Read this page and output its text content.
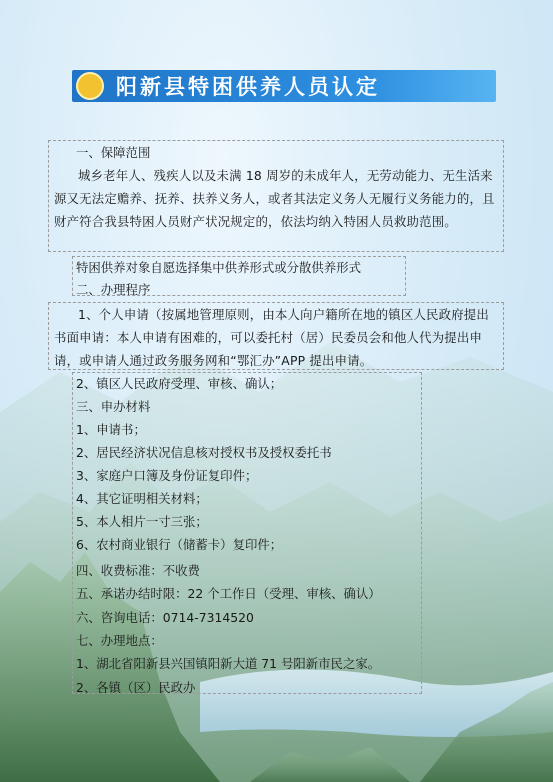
阳新县特困供养人员认定
一、保障范围
城乡老年人、残疾人以及未满 18 周岁的未成年人，无劳动能力、无生活来源又无法定赡养、抚养、扶养义务人，或者其法定义务人无履行义务能力的，且财产符合我县特困人员财产状况规定的，依法均纳入特困人员救助范围。
特困供养对象自愿选择集中供养形式或分散供养形式
二、办理程序
1、个人申请（按属地管理原则，由本人向户籍所在地的镇区人民政府提出书面申请：本人申请有困难的，可以委托村（居）民委员会和他人代为提出申请，或申请人通过政务服务网和“鄂汇办”APP 提出申请。
2、镇区人民政府受理、审核、确认；
三、申办材料
1、申请书；
2、居民经济状况信息核对授权书及授权委托书
3、家庭户口簿及身份证复印件；
4、其它证明相关材料；
5、本人相片一寸三张；
6、农村商业银行（储蓄卡）复印件；
四、收费标准：不收费
五、承诺办结时限：22 个工作日（受理、审核、确认）
六、咨询电话：0714-7314520
七、办理地点：
1、湖北省阳新县兴国镇阳新大道 71 号阳新市民之家。
2、各镇（区）民政办
